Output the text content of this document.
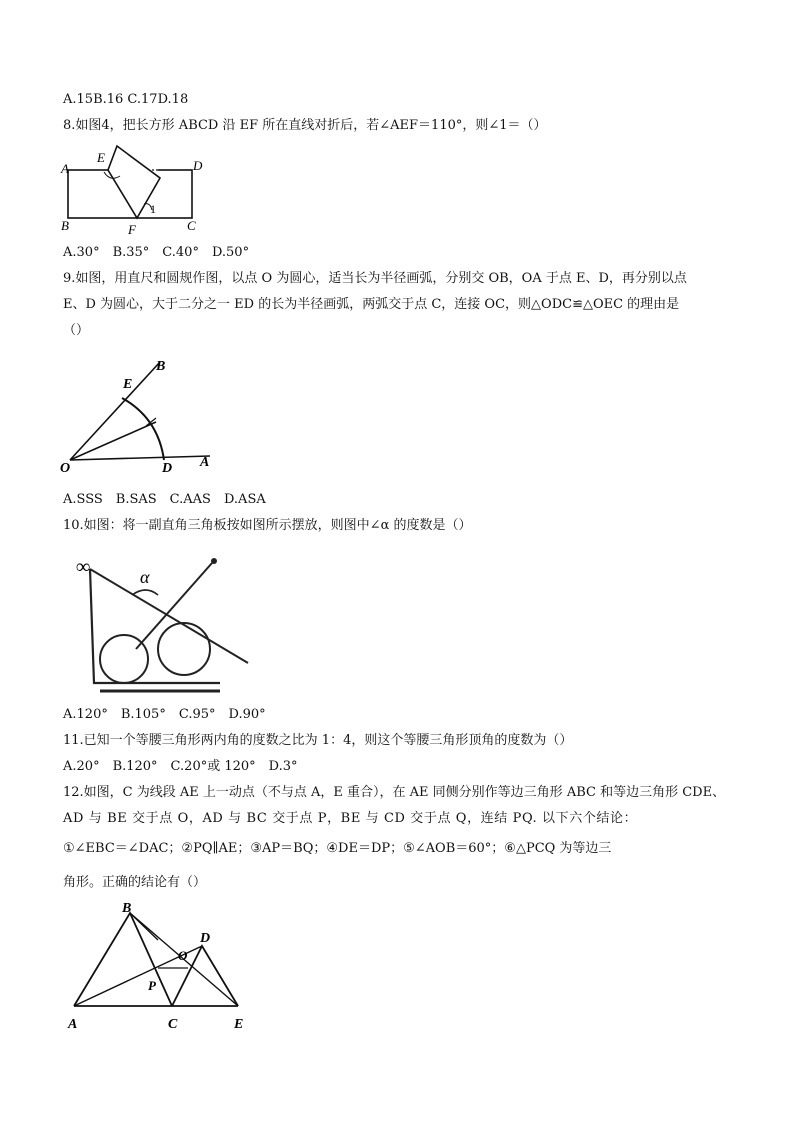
A.15B.16 C.17D.18
8.如图4，把长方形 ABCD 沿 EF 所在直线对折后，若∠AEF＝110°，则∠1＝（）
A
B	C
D
E
F
1
A.30°　B.35°　C.40°　D.50°
9.如图，用直尺和圆规作图，以点 O 为圆心，适当长为半径画弧，分别交 OB，OA 于点 E、D，再分别以点
E、D 为圆心，大于二分之一 ED 的长为半径画弧，两弧交于点 C，连接 OC，则△ODC≌△OEC 的理由是
（）
O	D A
E
B
A.SSS　B.SAS　C.AAS　D.ASA
10.如图：将一副直角三角板按如图所示摆放，则图中∠α 的度数是（）
α
∞
A.120°　B.105°　C.95°　D.90°
11.已知一个等腰三角形两内角的度数之比为 1：4，则这个等腰三角形顶角的度数为（）
A.20°　B.120°　C.20°或 120°　D.3°
12.如图，C 为线段 AE 上一动点（不与点 A，E 重合），在 AE 同侧分别作等边三角形 ABC 和等边三角形 CDE、
AD 与 BE 交于点 O，AD 与 BC 交于点 P，BE 与 CD 交于点 Q，连结 PQ. 以下六个结论：
①∠EBC＝∠DAC；②PQ∥AE；③AP＝BQ；④DE＝DP；⑤∠AOB＝60°；⑥△PCQ 为等边三
角形。正确的结论有（）
A
B
C
D
E
O
P
